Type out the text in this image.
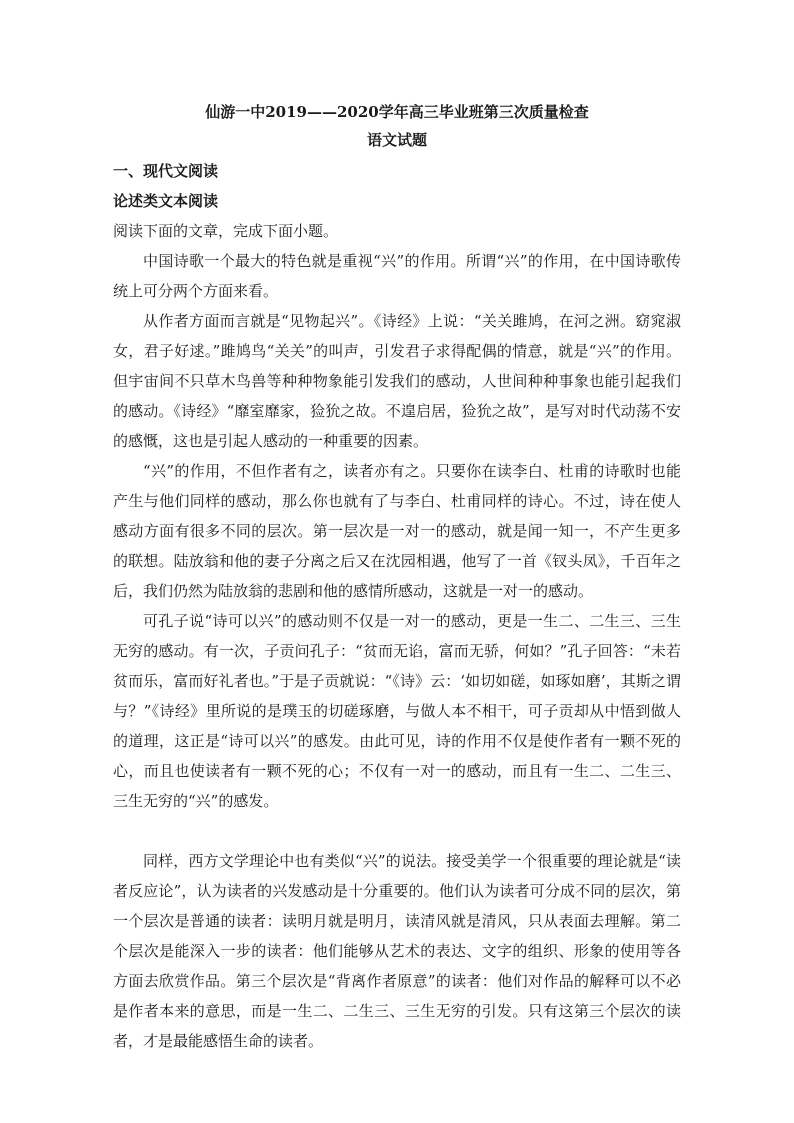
仙游一中2019——2020学年高三毕业班第三次质量检查

语文试题

一、现代文阅读

论述类文本阅读

阅读下面的文章，完成下面小题。

中国诗歌一个最大的特色就是重视“兴”的作用。所谓“兴”的作用，在中国诗歌传统上可分两个方面来看。

从作者方面而言就是“见物起兴”。《诗经》上说：“关关雎鸠，在河之洲。窈窕淑女，君子好逑。”雎鸠鸟“关关”的叫声，引发君子求得配偶的情意，就是“兴”的作用。但宇宙间不只草木鸟兽等种种物象能引发我们的感动，人世间种种事象也能引起我们的感动。《诗经》“靡室靡家，猃狁之故。不遑启居，猃狁之故”，是写对时代动荡不安的感慨，这也是引起人感动的一种重要的因素。

“兴”的作用，不但作者有之，读者亦有之。只要你在读李白、杜甫的诗歌时也能产生与他们同样的感动，那么你也就有了与李白、杜甫同样的诗心。不过，诗在使人感动方面有很多不同的层次。第一层次是一对一的感动，就是闻一知一，不产生更多的联想。陆放翁和他的妻子分离之后又在沈园相遇，他写了一首《钗头凤》，千百年之后，我们仍然为陆放翁的悲剧和他的感情所感动，这就是一对一的感动。

可孔子说“诗可以兴”的感动则不仅是一对一的感动，更是一生二、二生三、三生无穷的感动。有一次，子贡问孔子：“贫而无谄，富而无骄，何如？”孔子回答：“未若贫而乐，富而好礼者也。”于是子贡就说：“《诗》云：‘如切如磋，如琢如磨’，其斯之谓与？”《诗经》里所说的是璞玉的切磋琢磨，与做人本不相干，可子贡却从中悟到做人的道理，这正是“诗可以兴”的感发。由此可见，诗的作用不仅是使作者有一颗不死的心，而且也使读者有一颗不死的心；不仅有一对一的感动，而且有一生二、二生三、三生无穷的“兴”的感发。

同样，西方文学理论中也有类似“兴”的说法。接受美学一个很重要的理论就是“读者反应论”，认为读者的兴发感动是十分重要的。他们认为读者可分成不同的层次，第一个层次是普通的读者：读明月就是明月，读清风就是清风，只从表面去理解。第二个层次是能深入一步的读者：他们能够从艺术的表达、文字的组织、形象的使用等各方面去欣赏作品。第三个层次是“背离作者原意”的读者：他们对作品的解释可以不必是作者本来的意思，而是一生二、二生三、三生无穷的引发。只有这第三个层次的读者，才是最能感悟生命的读者。
